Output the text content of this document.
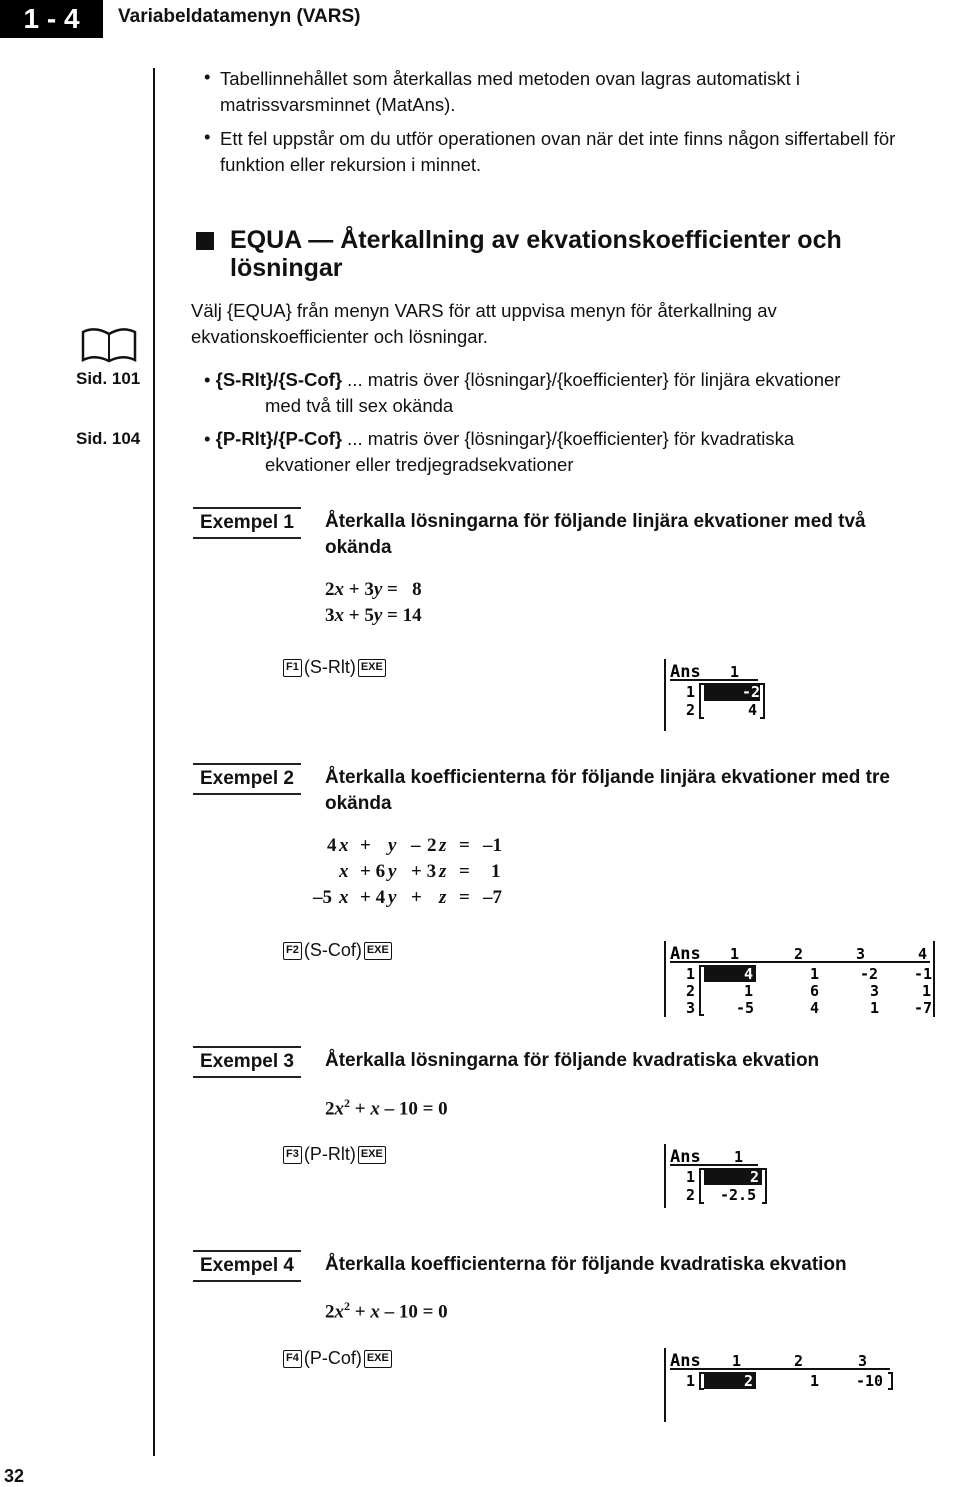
1 - 4	Variabeldatamenyn (VARS)
• Tabellinnehållet som återkallas med metoden ovan lagras automatiskt i matrissvarsminnet (MatAns).
• Ett fel uppstår om du utför operationen ovan när det inte finns någon siffertabell för funktion eller rekursion i minnet.
EQUA — Återkallning av ekvationskoefficienter och
lösningar
Sid. 101
Sid. 104
Välj {EQUA} från menyn VARS för att uppvisa menyn för återkallning av
ekvationskoefficienter och lösningar.
• {S-Rlt}/{S-Cof} ... matris över {lösningar}/{koefficienter} för linjära ekvationer
med två till sex okända
• {P-Rlt}/{P-Cof} ... matris över {lösningar}/{koefficienter} för kvadratiska
ekvationer eller tredjegradsekvationer
Exempel 1	Återkalla lösningarna för följande linjära ekvationer med två
okända
2x + 3y =   8
3x + 5y = 14
F1 (S-Rlt) EXE	Ans 1
1	-2
2	4
Exempel 2	Återkalla koefficienterna för följande linjära ekvationer med tre
okända
4 x + y – 2 z = –1
x + 6 y + 3 z = 1
–5 x + 4 y + z = –7
F2 (S-Cof) EXE	Ans 1	2	3	4
1	4	1	-2 -1
2	1	6	3	1
3	-5	4	1 -7
Exempel 3	Återkalla lösningarna för följande kvadratiska ekvation
$2x^2 + x - 10 = 0$
F3 (P-Rlt) EXE	Ans 1
1	2
2 -2.5
Exempel 4	Återkalla koefficienterna för följande kvadratiska ekvation
$2x^2 + x - 10 = 0$
F4 (P-Cof) EXE	Ans 1	2	3
1	2	1 -10
32
